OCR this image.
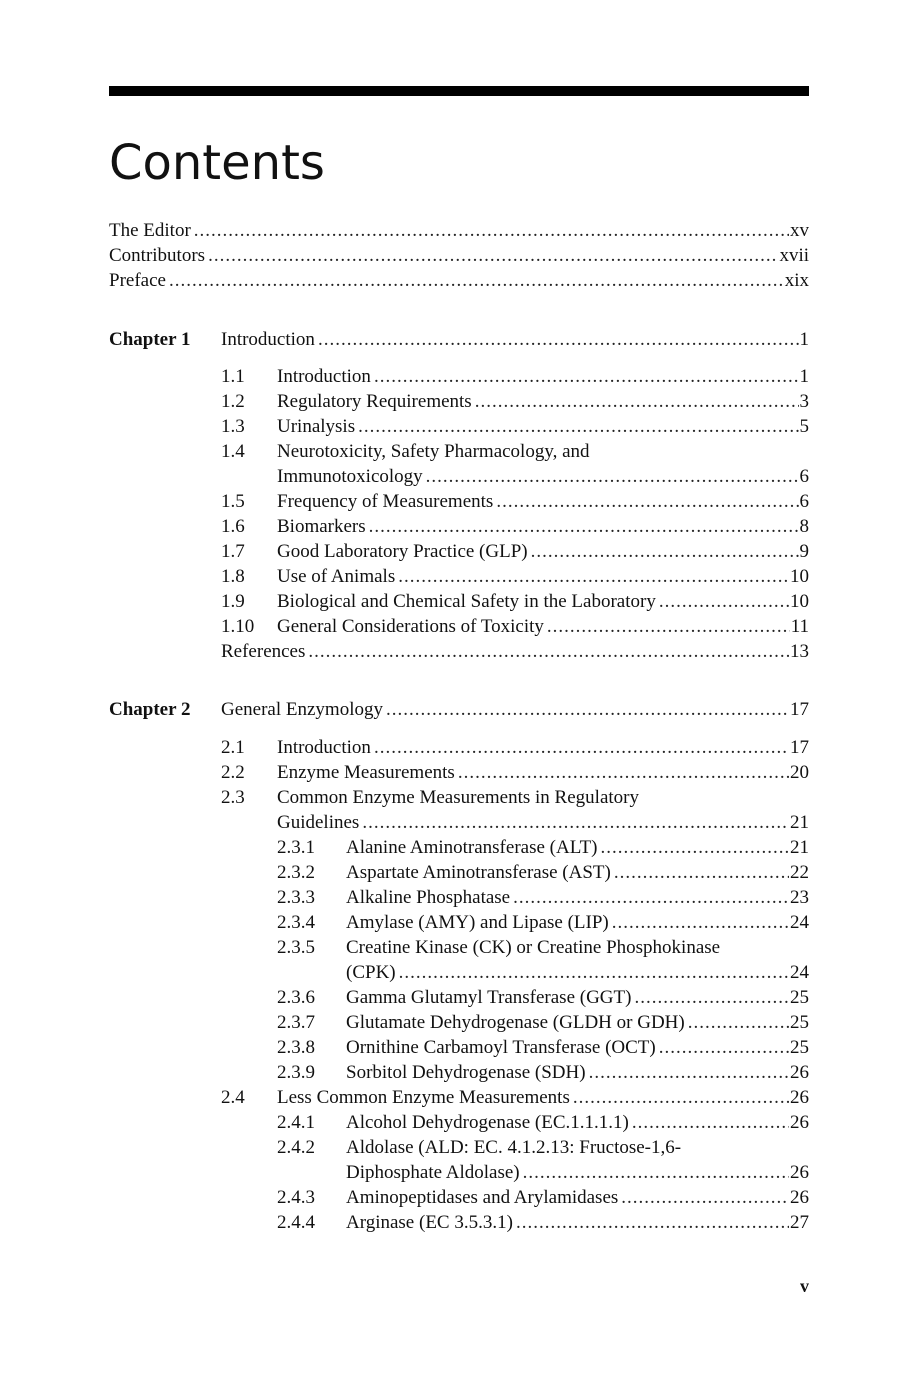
Contents
The Editor .....	xv
Contributors .....	xvii
Preface .....	xix
Chapter 1 Introduction .....	1
1.1 Introduction .....	1
1.2 Regulatory Requirements .....	3
1.3 Urinalysis .....	5
1.4 Neurotoxicity, Safety Pharmacology, and
Immunotoxicology .....	6
1.5 Frequency of Measurements .....	6
1.6 Biomarkers .....	8
1.7 Good Laboratory Practice (GLP) .....	9
1.8 Use of Animals .....	10
1.9 Biological and Chemical Safety in the Laboratory .....	10
1.10 General Considerations of Toxicity .....	11
References .....	13
Chapter 2 General Enzymology .....	17
2.1 Introduction .....	17
2.2 Enzyme Measurements .....	20
2.3 Common Enzyme Measurements in Regulatory
Guidelines .....	21
2.3.1 Alanine Aminotransferase (ALT) .....	21
2.3.2 Aspartate Aminotransferase (AST) .....	22
2.3.3 Alkaline Phosphatase .....	23
2.3.4 Amylase (AMY) and Lipase (LIP) .....	24
2.3.5 Creatine Kinase (CK) or Creatine Phosphokinase
(CPK) .....	24
2.3.6 Gamma Glutamyl Transferase (GGT) .....	25
2.3.7 Glutamate Dehydrogenase (GLDH or GDH) .....	25
2.3.8 Ornithine Carbamoyl Transferase (OCT) .....	25
2.3.9 Sorbitol Dehydrogenase (SDH) .....	26
2.4 Less Common Enzyme Measurements .....	26
2.4.1 Alcohol Dehydrogenase (EC.1.1.1.1) .....	26
2.4.2 Aldolase (ALD: EC. 4.1.2.13: Fructose-1,6-
Diphosphate Aldolase) .....	26
2.4.3 Aminopeptidases and Arylamidases .....	26
2.4.4 Arginase (EC 3.5.3.1) .....	27
v
